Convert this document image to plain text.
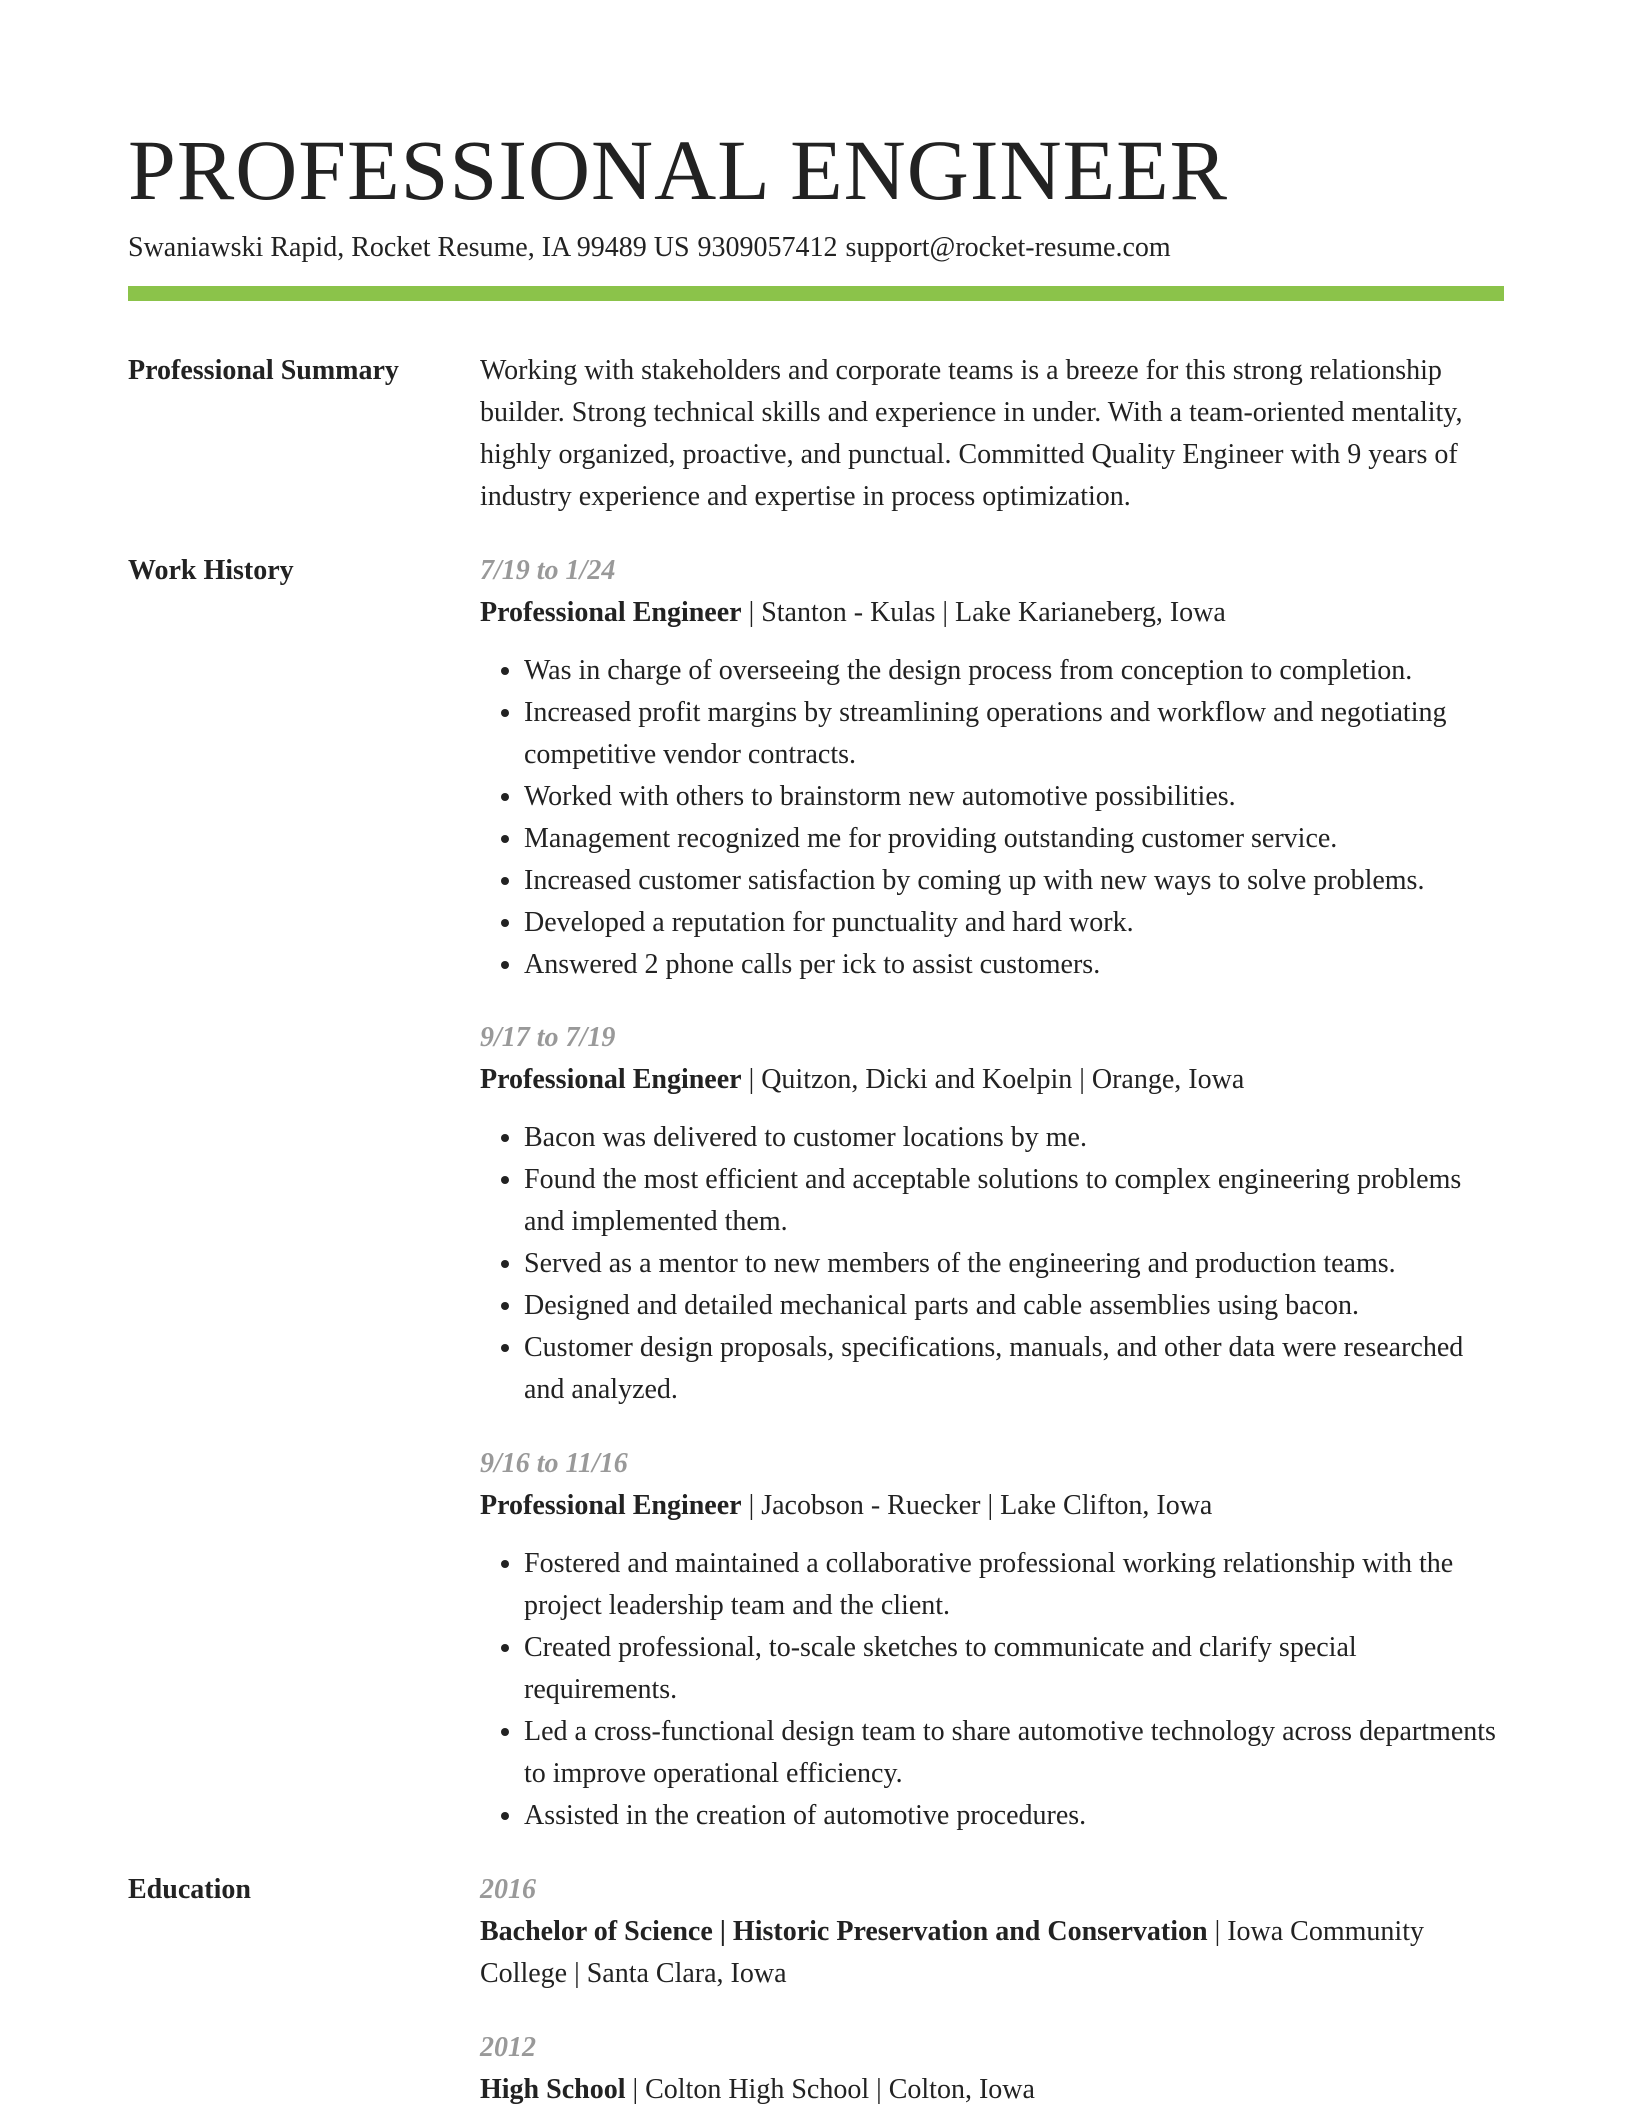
PROFESSIONAL ENGINEER
Swaniawski Rapid, Rocket Resume, IA 99489 US 9309057412 support@rocket-resume.com
Professional Summary	Working with stakeholders and corporate teams is a breeze for this strong relationship builder. Strong technical skills and experience in under. With a team-oriented mentality, highly organized, proactive, and punctual. Committed Quality Engineer with 9 years of industry experience and expertise in process optimization.
Work History	7/19 to 1/24
Professional Engineer | Stanton - Kulas | Lake Karianeberg, Iowa
• Was in charge of overseeing the design process from conception to completion.
• Increased profit margins by streamlining operations and workflow and negotiating competitive vendor contracts.
• Worked with others to brainstorm new automotive possibilities.
• Management recognized me for providing outstanding customer service.
• Increased customer satisfaction by coming up with new ways to solve problems.
• Developed a reputation for punctuality and hard work.
• Answered 2 phone calls per ick to assist customers.
9/17 to 7/19
Professional Engineer | Quitzon, Dicki and Koelpin | Orange, Iowa
• Bacon was delivered to customer locations by me.
• Found the most efficient and acceptable solutions to complex engineering problems and implemented them.
• Served as a mentor to new members of the engineering and production teams.
• Designed and detailed mechanical parts and cable assemblies using bacon.
• Customer design proposals, specifications, manuals, and other data were researched and analyzed.
9/16 to 11/16
Professional Engineer | Jacobson - Ruecker | Lake Clifton, Iowa
• Fostered and maintained a collaborative professional working relationship with the project leadership team and the client.
• Created professional, to-scale sketches to communicate and clarify special requirements.
• Led a cross-functional design team to share automotive technology across departments to improve operational efficiency.
• Assisted in the creation of automotive procedures.
Education	2016
Bachelor of Science | Historic Preservation and Conservation | Iowa Community College | Santa Clara, Iowa
2012
High School | Colton High School | Colton, Iowa
